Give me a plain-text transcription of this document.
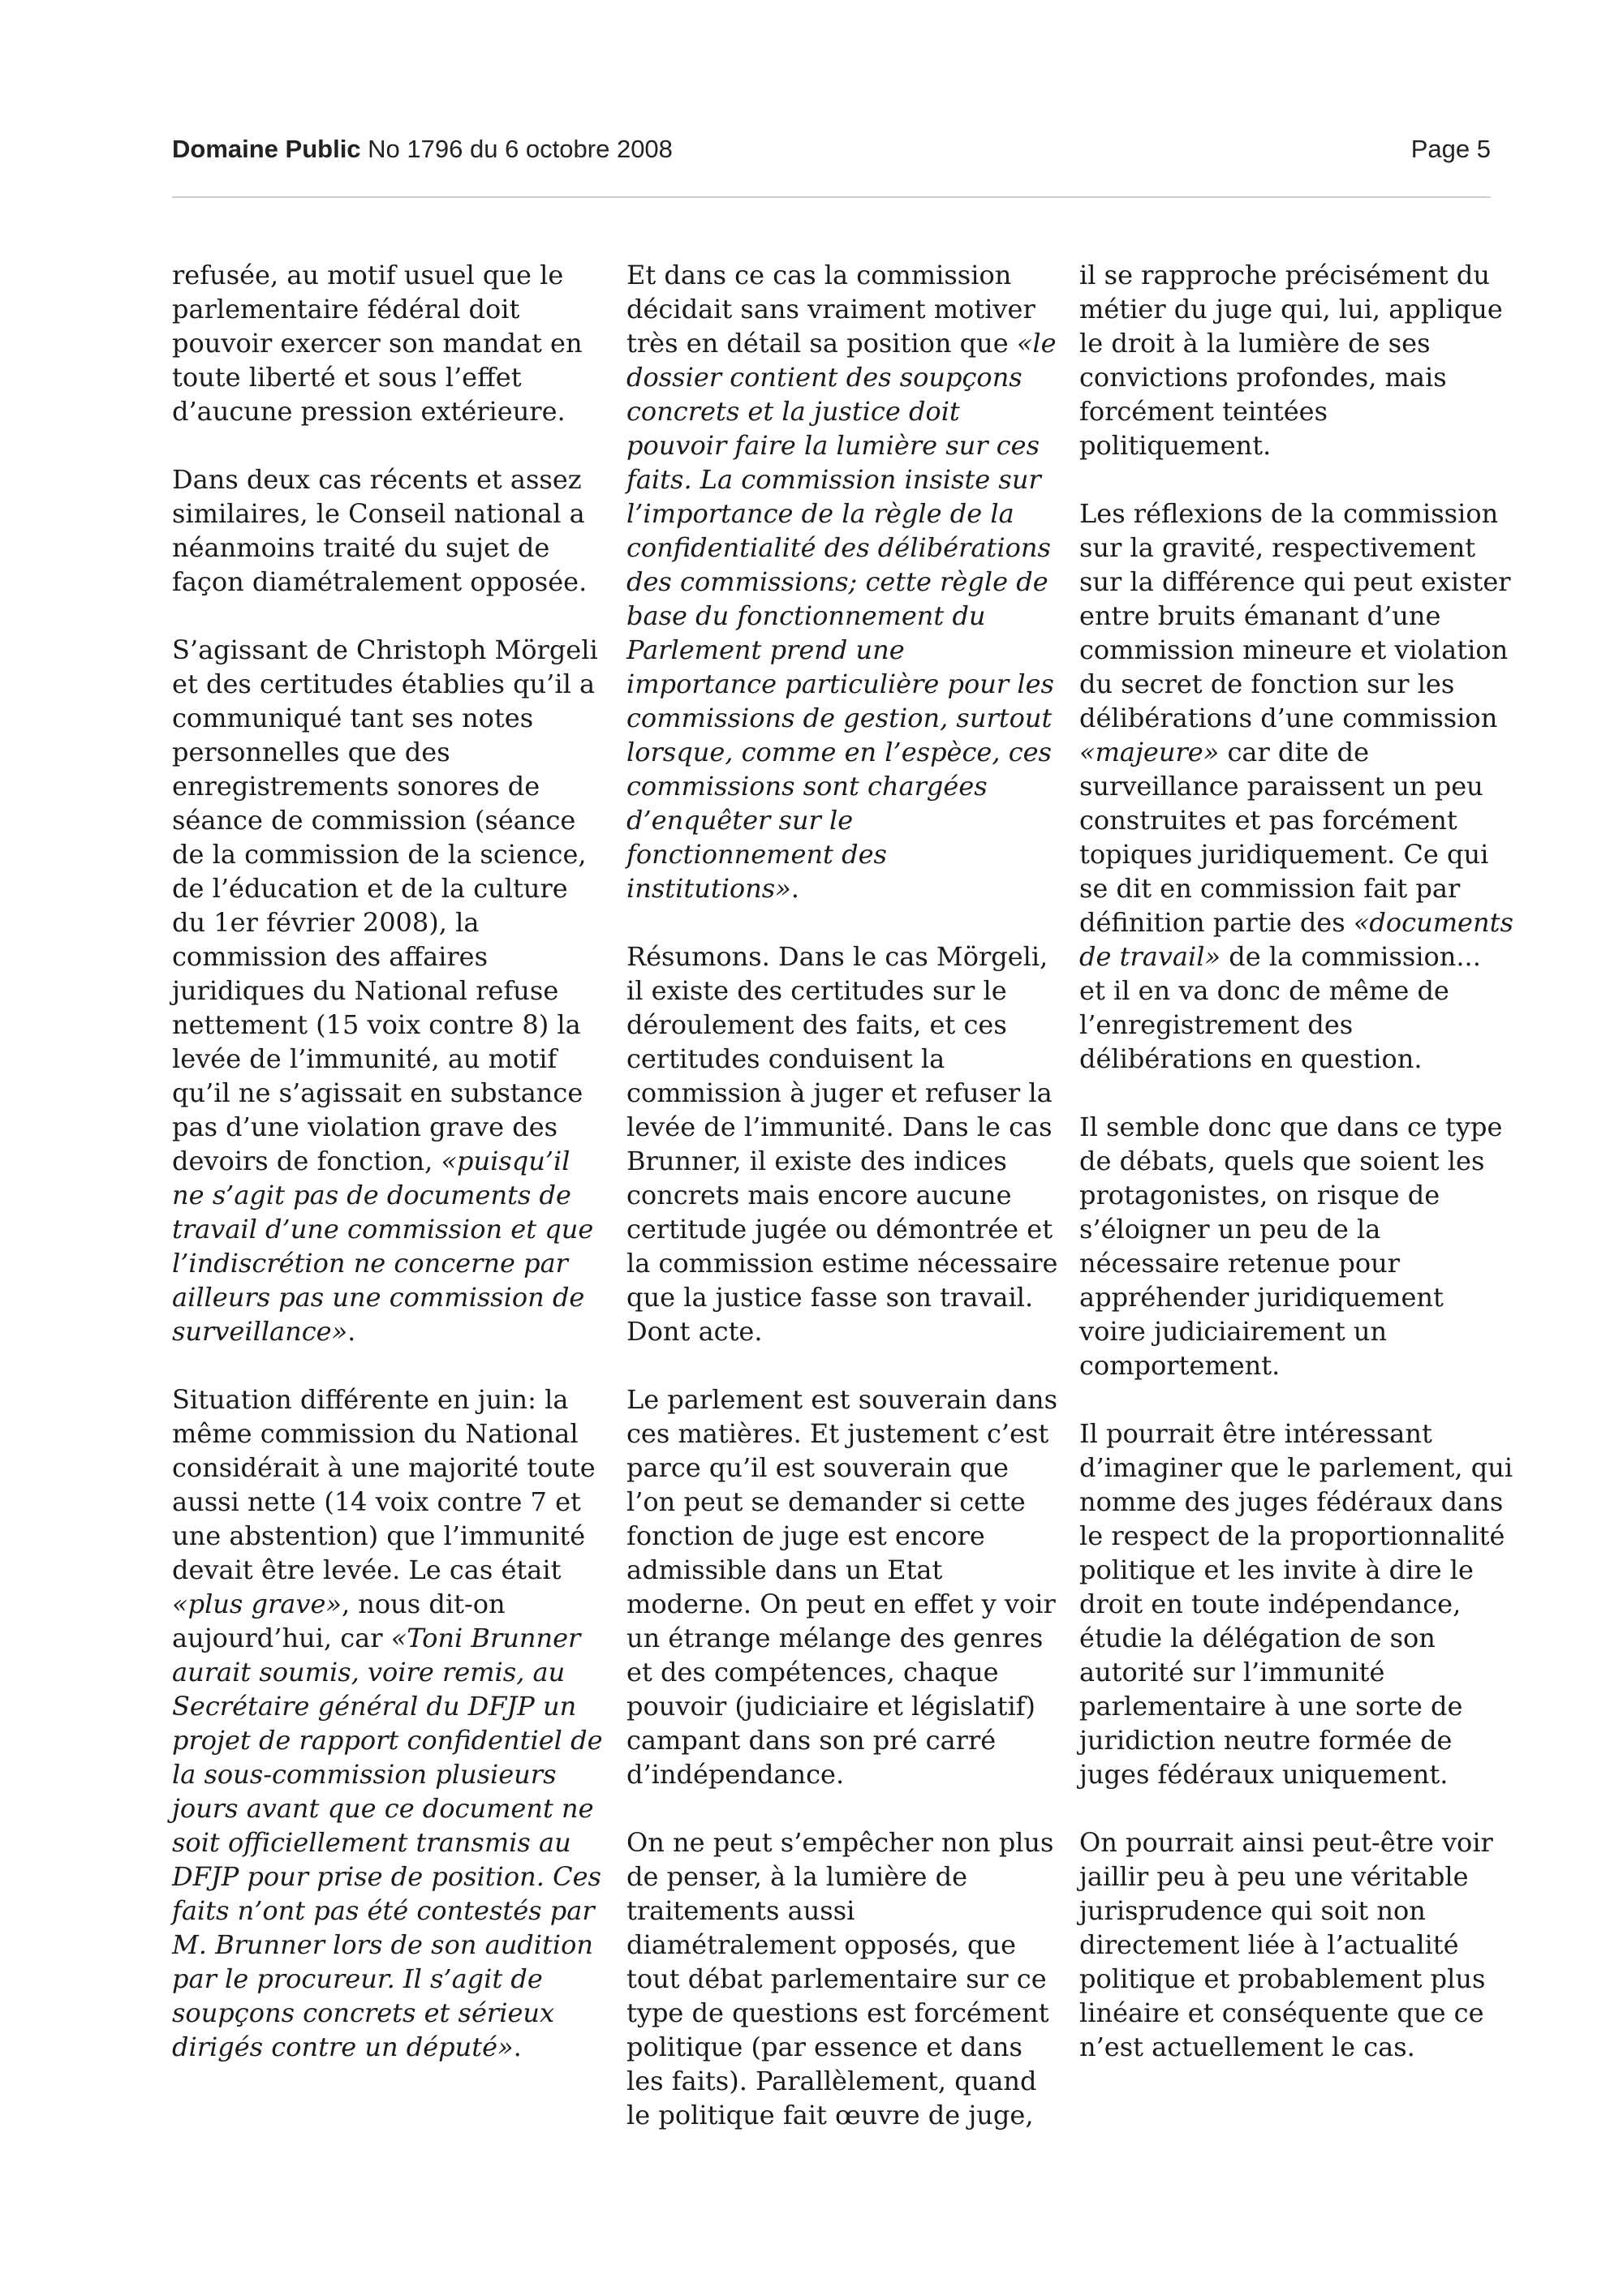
Domaine Public No 1796 du 6 octobre 2008	Page 5

refusée, au motif usuel que le parlementaire fédéral doit pouvoir exercer son mandat en toute liberté et sous l’effet d’aucune pression extérieure.

Dans deux cas récents et assez similaires, le Conseil national a néanmoins traité du sujet de façon diamétralement opposée.

S’agissant de Christoph Mörgeli et des certitudes établies qu’il a communiqué tant ses notes personnelles que des enregistrements sonores de séance de commission (séance de la commission de la science, de l’éducation et de la culture du 1er février 2008), la commission des affaires juridiques du National refuse nettement (15 voix contre 8) la levée de l’immunité, au motif qu’il ne s’agissait en substance pas d’une violation grave des devoirs de fonction, «puisqu’il ne s’agit pas de documents de travail d’une commission et que l’indiscrétion ne concerne par ailleurs pas une commission de surveillance».

Situation différente en juin: la même commission du National considérait à une majorité toute aussi nette (14 voix contre 7 et une abstention) que l’immunité devait être levée. Le cas était «plus grave», nous dit-on aujourd’hui, car «Toni Brunner aurait soumis, voire remis, au Secrétaire général du DFJP un projet de rapport confidentiel de la sous-commission plusieurs jours avant que ce document ne soit officiellement transmis au DFJP pour prise de position. Ces faits n’ont pas été contestés par M. Brunner lors de son audition par le procureur. Il s’agit de soupçons concrets et sérieux dirigés contre un député».

Et dans ce cas la commission décidait sans vraiment motiver très en détail sa position que «le dossier contient des soupçons concrets et la justice doit pouvoir faire la lumière sur ces faits. La commission insiste sur l’importance de la règle de la confidentialité des délibérations des commissions; cette règle de base du fonctionnement du Parlement prend une importance particulière pour les commissions de gestion, surtout lorsque, comme en l’espèce, ces commissions sont chargées d’enquêter sur le fonctionnement des institutions».

Résumons. Dans le cas Mörgeli, il existe des certitudes sur le déroulement des faits, et ces certitudes conduisent la commission à juger et refuser la levée de l’immunité. Dans le cas Brunner, il existe des indices concrets mais encore aucune certitude jugée ou démontrée et la commission estime nécessaire que la justice fasse son travail. Dont acte.

Le parlement est souverain dans ces matières. Et justement c’est parce qu’il est souverain que l’on peut se demander si cette fonction de juge est encore admissible dans un Etat moderne. On peut en effet y voir un étrange mélange des genres et des compétences, chaque pouvoir (judiciaire et législatif) campant dans son pré carré d’indépendance.

On ne peut s’empêcher non plus de penser, à la lumière de traitements aussi diamétralement opposés, que tout débat parlementaire sur ce type de questions est forcément politique (par essence et dans les faits). Parallèlement, quand le politique fait œuvre de juge,

il se rapproche précisément du métier du juge qui, lui, applique le droit à la lumière de ses convictions profondes, mais forcément teintées politiquement.

Les réflexions de la commission sur la gravité, respectivement sur la différence qui peut exister entre bruits émanant d’une commission mineure et violation du secret de fonction sur les délibérations d’une commission «majeure» car dite de surveillance paraissent un peu construites et pas forcément topiques juridiquement. Ce qui se dit en commission fait par définition partie des «documents de travail» de la commission... et il en va donc de même de l’enregistrement des délibérations en question.

Il semble donc que dans ce type de débats, quels que soient les protagonistes, on risque de s’éloigner un peu de la nécessaire retenue pour appréhender juridiquement voire judiciairement un comportement.

Il pourrait être intéressant d’imaginer que le parlement, qui nomme des juges fédéraux dans le respect de la proportionnalité politique et les invite à dire le droit en toute indépendance, étudie la délégation de son autorité sur l’immunité parlementaire à une sorte de juridiction neutre formée de juges fédéraux uniquement.

On pourrait ainsi peut-être voir jaillir peu à peu une véritable jurisprudence qui soit non directement liée à l’actualité politique et probablement plus linéaire et conséquente que ce n’est actuellement le cas.
